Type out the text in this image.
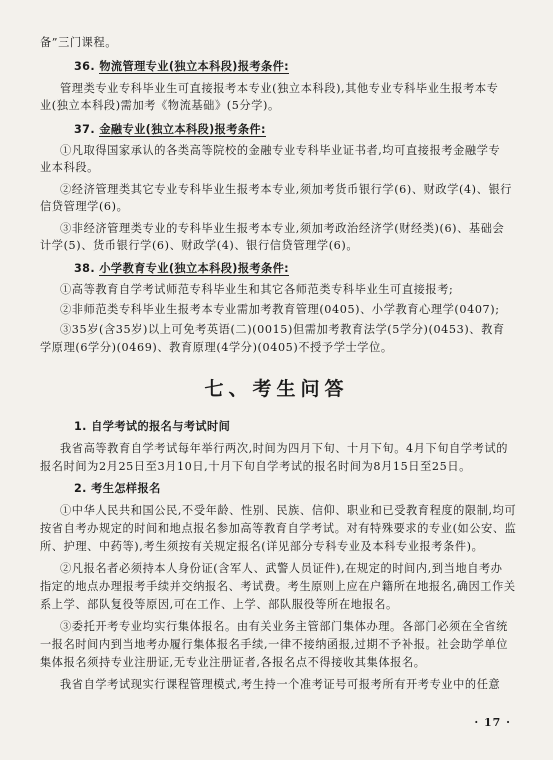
备”三门课程。
36. 物流管理专业(独立本科段)报考条件:
管理类专业专科毕业生可直接报考本专业(独立本科段),其他专业专科毕业生报考本专
业(独立本科段)需加考《物流基础》(5分学)。
37. 金融专业(独立本科段)报考条件:
①凡取得国家承认的各类高等院校的金融专业专科毕业证书者,均可直接报考金融学专
业本科段。
②经济管理类其它专业专科毕业生报考本专业,须加考货币银行学(6)、财政学(4)、银行
信贷管理学(6)。
③非经济管理类专业的专科毕业生报考本专业,须加考政治经济学(财经类)(6)、基础会
计学(5)、货币银行学(6)、财政学(4)、银行信贷管理学(6)。
38. 小学教育专业(独立本科段)报考条件:
①高等教育自学考试师范专科毕业生和其它各师范类专科毕业生可直接报考;
②非师范类专科毕业生报考本专业需加考教育管理(0405)、小学教育心理学(0407);
③35岁(含35岁)以上可免考英语(二)(0015)但需加考教育法学(5学分)(0453)、教育
学原理(6学分)(0469)、教育原理(4学分)(0405)不授予学士学位。
七、考生问答
1. 自学考试的报名与考试时间
我省高等教育自学考试每年举行两次,时间为四月下旬、十月下旬。4月下旬自学考试的
报名时间为2月25日至3月10日,十月下旬自学考试的报名时间为8月15日至25日。
2. 考生怎样报名
①中华人民共和国公民,不受年龄、性别、民族、信仰、职业和已受教育程度的限制,均可
按省自考办规定的时间和地点报名参加高等教育自学考试。对有特殊要求的专业(如公安、监
所、护理、中药等),考生须按有关规定报名(详见部分专科专业及本科专业报考条件)。
②凡报名者必须持本人身份证(含军人、武警人员证件),在规定的时间内,到当地自考办
指定的地点办理报考手续并交纳报名、考试费。考生原则上应在户籍所在地报名,确因工作关
系上学、部队复役等原因,可在工作、上学、部队服役等所在地报名。
③委托开考专业均实行集体报名。由有关业务主管部门集体办理。各部门必须在全省统
一报名时间内到当地考办履行集体报名手续,一律不接纳函报,过期不予补报。社会助学单位
集体报名须持专业注册证,无专业注册证者,各报名点不得接收其集体报名。
我省自学考试现实行课程管理模式,考生持一个准考证号可报考所有开考专业中的任意
· 17 ·
